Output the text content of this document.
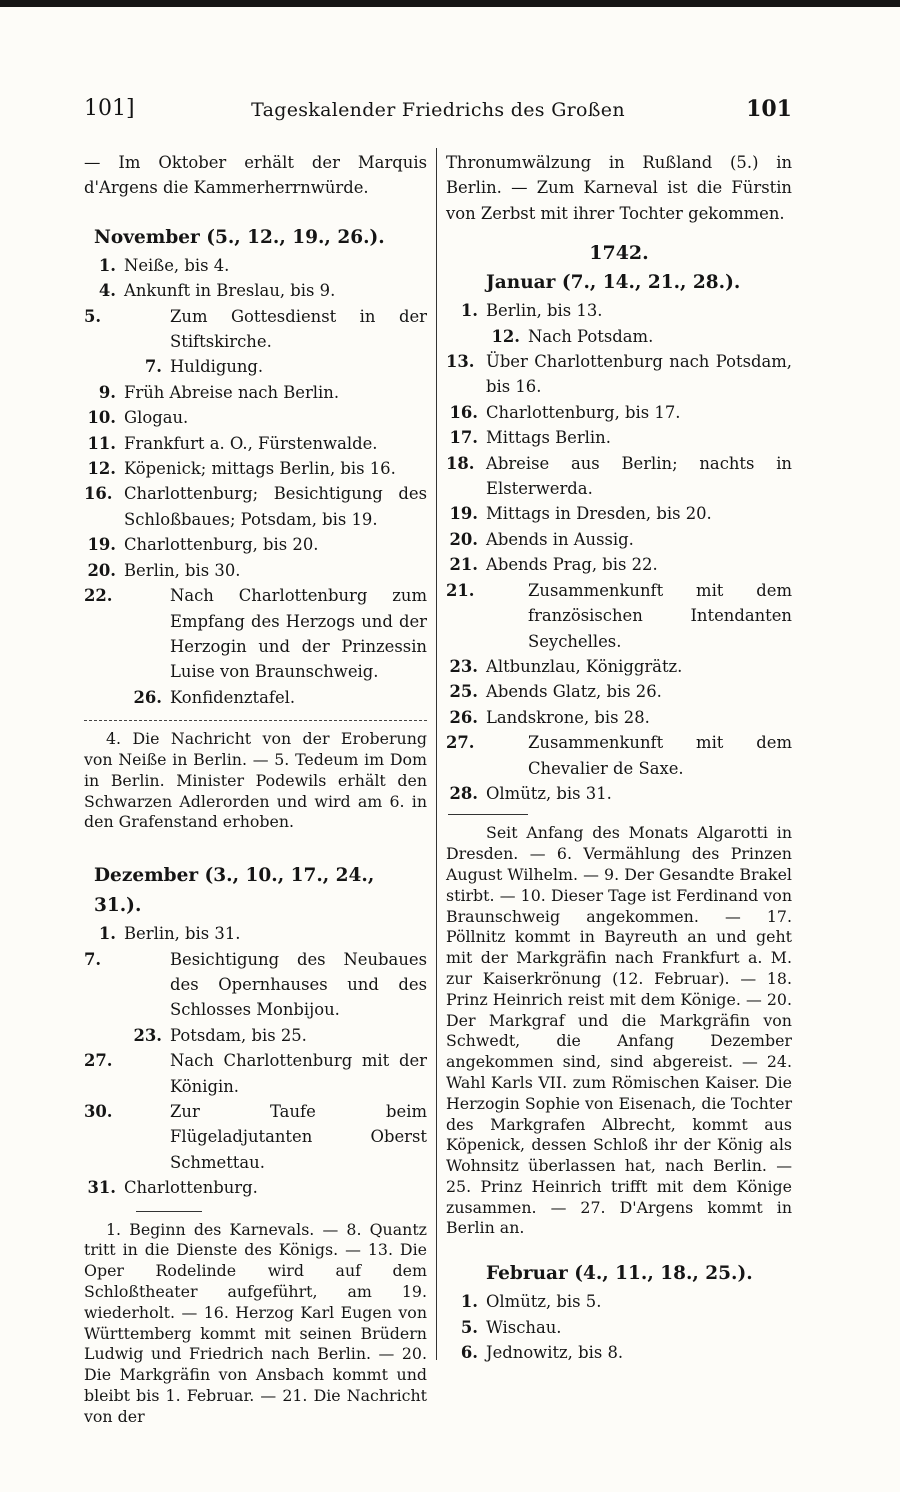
101]	Tageskalender Friedrichs des Großen	101
— Im Oktober erhält der Marquis d'Argens die Kammerherrnwürde.
November (5., 12., 19., 26.).
1. Neiße, bis 4.
4. Ankunft in Breslau, bis 9.
5.	Zum Gottesdienst in der Stiftskirche.
7. Huldigung.
9. Früh Abreise nach Berlin.
10. Glogau.
11. Frankfurt a. O., Fürstenwalde.
12. Köpenick; mittags Berlin, bis 16.
16. Charlottenburg; Besichtigung des Schloßbaues; Potsdam, bis 19.
19. Charlottenburg, bis 20.
20. Berlin, bis 30.
22.	Nach Charlottenburg zum Empfang des Herzogs und der Herzogin und der Prinzessin Luise von Braunschweig.
26. Konfidenztafel.
4. Die Nachricht von der Eroberung von Neiße in Berlin. — 5. Tedeum im Dom in Berlin. Minister Podewils erhält den Schwarzen Adlerorden und wird am 6. in den Grafenstand erhoben.
Dezember (3., 10., 17., 24., 31.).
1. Berlin, bis 31.
7.	Besichtigung des Neubaues des Opernhauses und des Schlosses Monbijou.
23. Potsdam, bis 25.
27.	Nach Charlottenburg mit der Königin.
30.	Zur Taufe beim Flügeladjutanten Oberst Schmettau.
31. Charlottenburg.
1. Beginn des Karnevals. — 8. Quantz tritt in die Dienste des Königs. — 13. Die Oper Rodelinde wird auf dem Schloßtheater aufgeführt, am 19. wiederholt. — 16. Herzog Karl Eugen von Württemberg kommt mit seinen Brüdern Ludwig und Friedrich nach Berlin. — 20. Die Markgräfin von Ansbach kommt und bleibt bis 1. Februar. — 21. Die Nachricht von der
Thronumwälzung in Rußland (5.) in Berlin. — Zum Karneval ist die Fürstin von Zerbst mit ihrer Tochter gekommen.
1742.
Januar (7., 14., 21., 28.).
1. Berlin, bis 13.
12. Nach Potsdam.
13. Über Charlottenburg nach Potsdam, bis 16.
16. Charlottenburg, bis 17.
17. Mittags Berlin.
18. Abreise aus Berlin; nachts in Elsterwerda.
19. Mittags in Dresden, bis 20.
20. Abends in Aussig.
21. Abends Prag, bis 22.
21.	Zusammenkunft mit dem französischen Intendanten Seychelles.
23. Altbunzlau, Königgrätz.
25. Abends Glatz, bis 26.
26. Landskrone, bis 28.
27.	Zusammenkunft mit dem Chevalier de Saxe.
28. Olmütz, bis 31.
Seit Anfang des Monats Algarotti in Dresden. — 6. Vermählung des Prinzen August Wilhelm. — 9. Der Gesandte Brakel stirbt. — 10. Dieser Tage ist Ferdinand von Braunschweig angekommen. — 17. Pöllnitz kommt in Bayreuth an und geht mit der Markgräfin nach Frankfurt a. M. zur Kaiserkrönung (12. Februar). — 18. Prinz Heinrich reist mit dem Könige. — 20. Der Markgraf und die Markgräfin von Schwedt, die Anfang Dezember angekommen sind, sind abgereist. — 24. Wahl Karls VII. zum Römischen Kaiser. Die Herzogin Sophie von Eisenach, die Tochter des Markgrafen Albrecht, kommt aus Köpenick, dessen Schloß ihr der König als Wohnsitz überlassen hat, nach Berlin. — 25. Prinz Heinrich trifft mit dem Könige zusammen. — 27. D'Argens kommt in Berlin an.
Februar (4., 11., 18., 25.).
1. Olmütz, bis 5.
5. Wischau.
6. Jednowitz, bis 8.
